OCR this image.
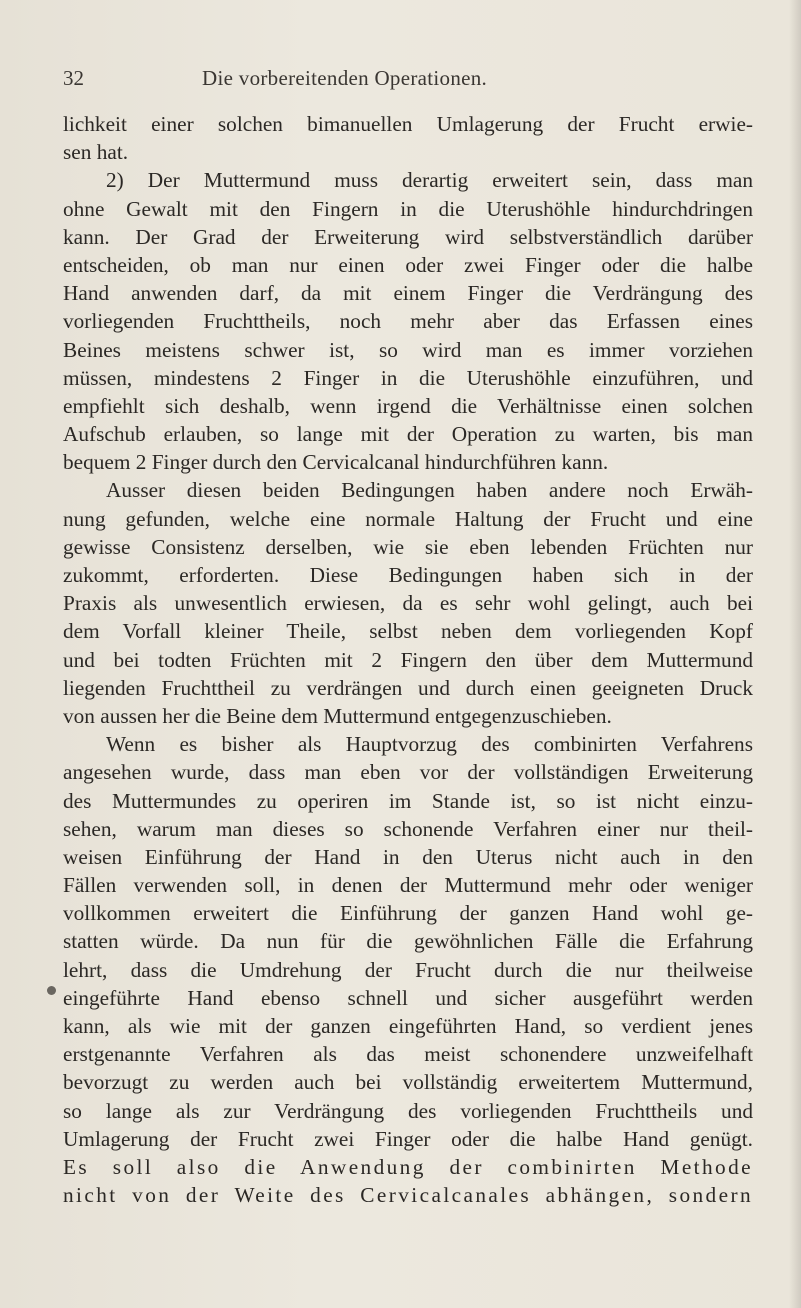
32	Die vorbereitenden Operationen.
lichkeit einer solchen bimanuellen Umlagerung der Frucht erwie-
sen hat.
2) Der Muttermund muss derartig erweitert sein, dass man
ohne Gewalt mit den Fingern in die Uterushöhle hindurchdringen
kann. Der Grad der Erweiterung wird selbstverständlich darüber
entscheiden, ob man nur einen oder zwei Finger oder die halbe
Hand anwenden darf, da mit einem Finger die Verdrängung des
vorliegenden Fruchttheils, noch mehr aber das Erfassen eines
Beines meistens schwer ist, so wird man es immer vorziehen
müssen, mindestens 2 Finger in die Uterushöhle einzuführen, und
empfiehlt sich deshalb, wenn irgend die Verhältnisse einen solchen
Aufschub erlauben, so lange mit der Operation zu warten, bis man
bequem 2 Finger durch den Cervicalcanal hindurchführen kann.
Ausser diesen beiden Bedingungen haben andere noch Erwäh-
nung gefunden, welche eine normale Haltung der Frucht und eine
gewisse Consistenz derselben, wie sie eben lebenden Früchten nur
zukommt, erforderten. Diese Bedingungen haben sich in der
Praxis als unwesentlich erwiesen, da es sehr wohl gelingt, auch bei
dem Vorfall kleiner Theile, selbst neben dem vorliegenden Kopf
und bei todten Früchten mit 2 Fingern den über dem Muttermund
liegenden Fruchttheil zu verdrängen und durch einen geeigneten Druck
von aussen her die Beine dem Muttermund entgegenzuschieben.
Wenn es bisher als Hauptvorzug des combinirten Verfahrens
angesehen wurde, dass man eben vor der vollständigen Erweiterung
des Muttermundes zu operiren im Stande ist, so ist nicht einzu-
sehen, warum man dieses so schonende Verfahren einer nur theil-
weisen Einführung der Hand in den Uterus nicht auch in den
Fällen verwenden soll, in denen der Muttermund mehr oder weniger
vollkommen erweitert die Einführung der ganzen Hand wohl ge-
statten würde. Da nun für die gewöhnlichen Fälle die Erfahrung
lehrt, dass die Umdrehung der Frucht durch die nur theilweise
eingeführte Hand ebenso schnell und sicher ausgeführt werden
kann, als wie mit der ganzen eingeführten Hand, so verdient jenes
erstgenannte Verfahren als das meist schonendere unzweifelhaft
bevorzugt zu werden auch bei vollständig erweitertem Muttermund,
so lange als zur Verdrängung des vorliegenden Fruchttheils und
Umlagerung der Frucht zwei Finger oder die halbe Hand genügt.
Es soll also die Anwendung der combinirten Methode
nicht von der Weite des Cervicalcanales abhängen, sondern
